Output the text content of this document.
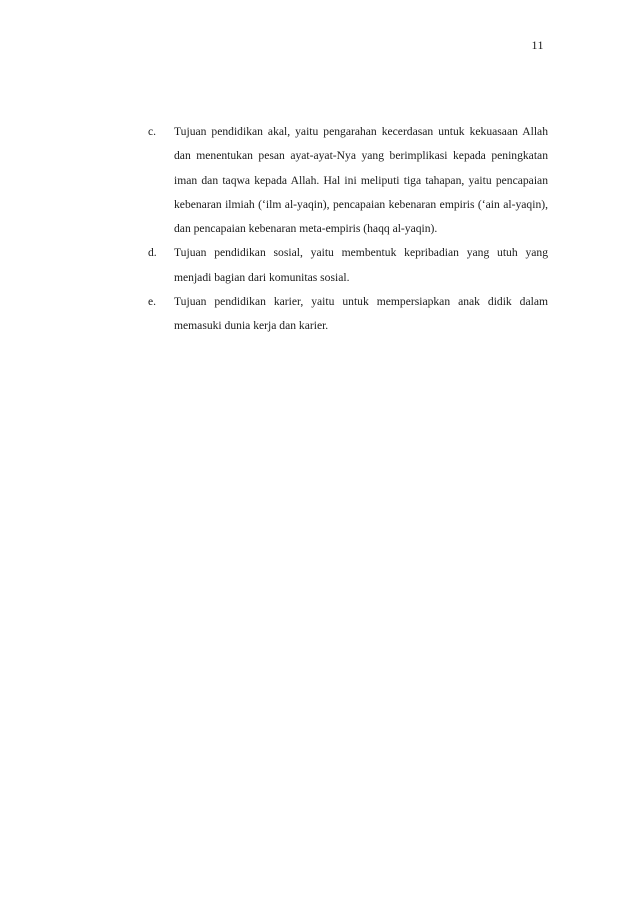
11
c.	Tujuan pendidikan akal, yaitu pengarahan kecerdasan untuk kekuasaan Allah dan menentukan pesan ayat-ayat-Nya yang berimplikasi kepada peningkatan iman dan taqwa kepada Allah. Hal ini meliputi tiga tahapan, yaitu pencapaian kebenaran ilmiah (‘ilm al-yaqin), pencapaian kebenaran empiris (‘ain al-yaqin), dan pencapaian kebenaran meta-empiris (haqq al-yaqin).
d.	Tujuan pendidikan sosial, yaitu membentuk kepribadian yang utuh yang menjadi bagian dari komunitas sosial.
e.	Tujuan pendidikan karier, yaitu untuk mempersiapkan anak didik dalam memasuki dunia kerja dan karier.
